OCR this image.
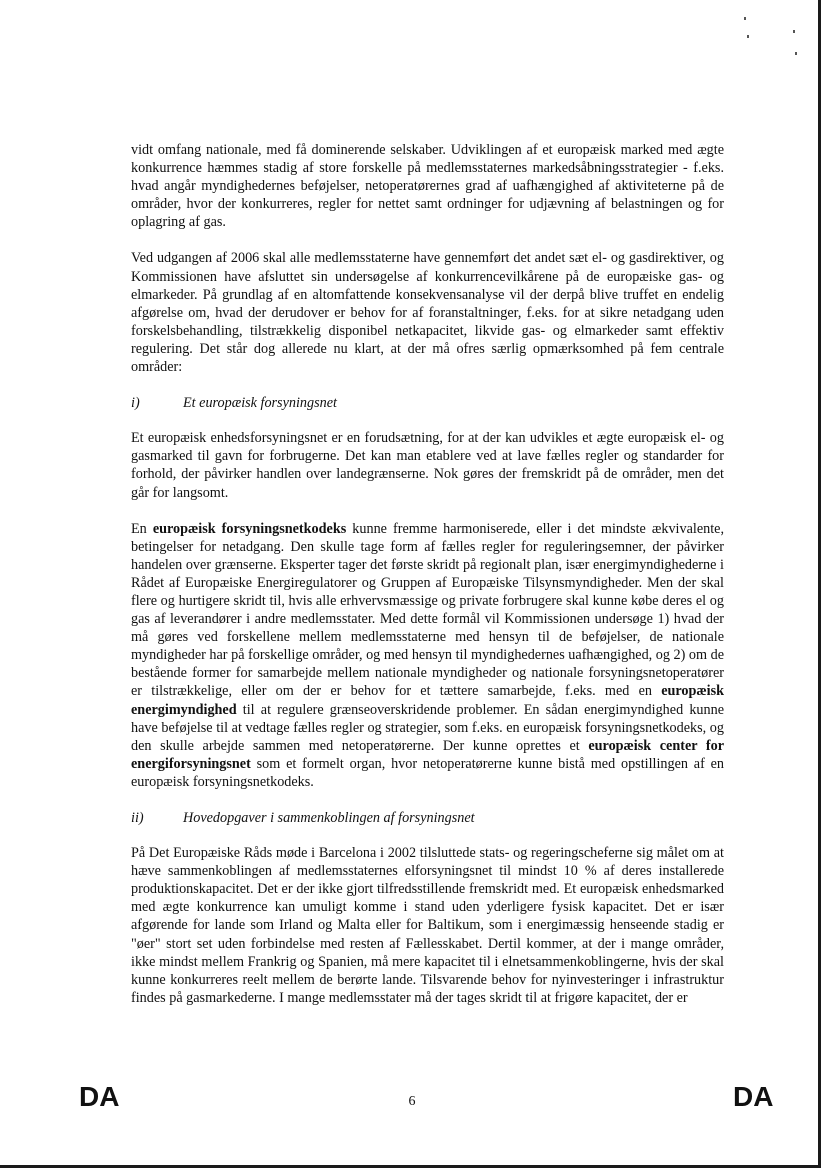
vidt omfang nationale, med få dominerende selskaber. Udviklingen af et europæisk marked med ægte konkurrence hæmmes stadig af store forskelle på medlemsstaternes markedsåbningsstrategier - f.eks. hvad angår myndighedernes beføjelser, netoperatørernes grad af uafhængighed af aktiviteterne på de områder, hvor der konkurreres, regler for nettet samt ordninger for udjævning af belastningen og for oplagring af gas.

Ved udgangen af 2006 skal alle medlemsstaterne have gennemført det andet sæt el- og gasdirektiver, og Kommissionen have afsluttet sin undersøgelse af konkurrencevilkårene på de europæiske gas- og elmarkeder. På grundlag af en altomfattende konsekvensanalyse vil der derpå blive truffet en endelig afgørelse om, hvad der derudover er behov for af foranstaltninger, f.eks. for at sikre netadgang uden forskelsbehandling, tilstrækkelig disponibel netkapacitet, likvide gas- og elmarkeder samt effektiv regulering. Det står dog allerede nu klart, at der må ofres særlig opmærksomhed på fem centrale områder:

i)	Et europæisk forsyningsnet

Et europæisk enhedsforsyningsnet er en forudsætning, for at der kan udvikles et ægte europæisk el- og gasmarked til gavn for forbrugerne. Det kan man etablere ved at lave fælles regler og standarder for forhold, der påvirker handlen over landegrænserne. Nok gøres der fremskridt på de områder, men det går for langsomt.

En europæisk forsyningsnetkodeks kunne fremme harmoniserede, eller i det mindste ækvivalente, betingelser for netadgang. Den skulle tage form af fælles regler for reguleringsemner, der påvirker handelen over grænserne. Eksperter tager det første skridt på regionalt plan, især energimyndighederne i Rådet af Europæiske Energiregulatorer og Gruppen af Europæiske Tilsynsmyndigheder. Men der skal flere og hurtigere skridt til, hvis alle erhvervsmæssige og private forbrugere skal kunne købe deres el og gas af leverandører i andre medlemsstater. Med dette formål vil Kommissionen undersøge 1) hvad der må gøres ved forskellene mellem medlemsstaterne med hensyn til de beføjelser, de nationale myndigheder har på forskellige områder, og med hensyn til myndighedernes uafhængighed, og 2) om de bestående former for samarbejde mellem nationale myndigheder og nationale forsyningsnetoperatører er tilstrækkelige, eller om der er behov for et tættere samarbejde, f.eks. med en europæisk energimyndighed til at regulere grænseoverskridende problemer. En sådan energimyndighed kunne have beføjelse til at vedtage fælles regler og strategier, som f.eks. en europæisk forsyningsnetkodeks, og den skulle arbejde sammen med netoperatørerne. Der kunne oprettes et europæisk center for energiforsyningsnet som et formelt organ, hvor netoperatørerne kunne bistå med opstillingen af en europæisk forsyningsnetkodeks.

ii)	Hovedopgaver i sammenkoblingen af forsyningsnet

På Det Europæiske Råds møde i Barcelona i 2002 tilsluttede stats- og regeringscheferne sig målet om at hæve sammenkoblingen af medlemsstaternes elforsyningsnet til mindst 10 % af deres installerede produktionskapacitet. Det er der ikke gjort tilfredsstillende fremskridt med. Et europæisk enhedsmarked med ægte konkurrence kan umuligt komme i stand uden yderligere fysisk kapacitet. Det er især afgørende for lande som Irland og Malta eller for Baltikum, som i energimæssig henseende stadig er "øer" stort set uden forbindelse med resten af Fællesskabet. Dertil kommer, at der i mange områder, ikke mindst mellem Frankrig og Spanien, må mere kapacitet til i elnetsammenkoblingerne, hvis der skal kunne konkurreres reelt mellem de berørte lande. Tilsvarende behov for nyinvesteringer i infrastruktur findes på gasmarkederne. I mange medlemsstater må der tages skridt til at frigøre kapacitet, der er

DA	6	DA
